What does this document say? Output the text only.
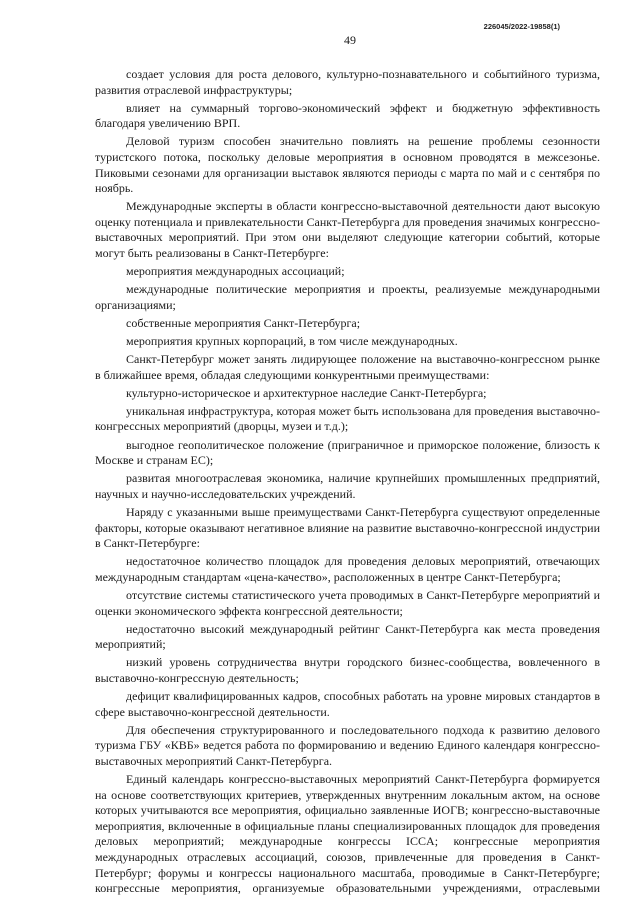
226045/2022-19858(1)
49

создает условия для роста делового, культурно-познавательного и событийного туризма, развития отраслевой инфраструктуры;

влияет на суммарный торгово-экономический эффект и бюджетную эффективность благодаря увеличению ВРП.

Деловой туризм способен значительно повлиять на решение проблемы сезонности туристского потока, поскольку деловые мероприятия в основном проводятся в межсезонье. Пиковыми сезонами для организации выставок являются периоды с марта по май и с сентября по ноябрь.

Международные эксперты в области конгрессно-выставочной деятельности дают высокую оценку потенциала и привлекательности Санкт-Петербурга для проведения значимых конгрессно-выставочных мероприятий. При этом они выделяют следующие категории событий, которые могут быть реализованы в Санкт-Петербурге:

мероприятия международных ассоциаций;

международные политические мероприятия и проекты, реализуемые международными организациями;

собственные мероприятия Санкт-Петербурга;

мероприятия крупных корпораций, в том числе международных.

Санкт-Петербург может занять лидирующее положение на выставочно-конгрессном рынке в ближайшее время, обладая следующими конкурентными преимуществами:

культурно-историческое и архитектурное наследие Санкт-Петербурга;

уникальная инфраструктура, которая может быть использована для проведения выставочно-конгрессных мероприятий (дворцы, музеи и т.д.);

выгодное геополитическое положение (приграничное и приморское положение, близость к Москве и странам ЕС);

развитая многоотраслевая экономика, наличие крупнейших промышленных предприятий, научных и научно-исследовательских учреждений.

Наряду с указанными выше преимуществами Санкт-Петербурга существуют определенные факторы, которые оказывают негативное влияние на развитие выставочно-конгрессной индустрии в Санкт-Петербурге:

недостаточное количество площадок для проведения деловых мероприятий, отвечающих международным стандартам «цена-качество», расположенных в центре Санкт-Петербурга;

отсутствие системы статистического учета проводимых в Санкт-Петербурге мероприятий и оценки экономического эффекта конгрессной деятельности;

недостаточно высокий международный рейтинг Санкт-Петербурга как места проведения мероприятий;

низкий уровень сотрудничества внутри городского бизнес-сообщества, вовлеченного в выставочно-конгрессную деятельность;

дефицит квалифицированных кадров, способных работать на уровне мировых стандартов в сфере выставочно-конгрессной деятельности.

Для обеспечения структурированного и последовательного подхода к развитию делового туризма ГБУ «КВБ» ведется работа по формированию и ведению Единого календаря конгрессно-выставочных мероприятий Санкт-Петербурга.

Единый календарь конгрессно-выставочных мероприятий Санкт-Петербурга формируется на основе соответствующих критериев, утвержденных внутренним локальным актом, на основе которых учитываются все мероприятия, официально заявленные ИОГВ; конгрессно-выставочные мероприятия, включенные в официальные планы специализированных площадок для проведения деловых мероприятий; международные конгрессы ICCA; конгрессные мероприятия международных отраслевых ассоциаций, союзов, привлеченные для проведения в Санкт-Петербург; форумы и конгрессы национального масштаба, проводимые в Санкт-Петербурге; конгрессные мероприятия, организуемые образовательными учреждениями, отраслевыми
